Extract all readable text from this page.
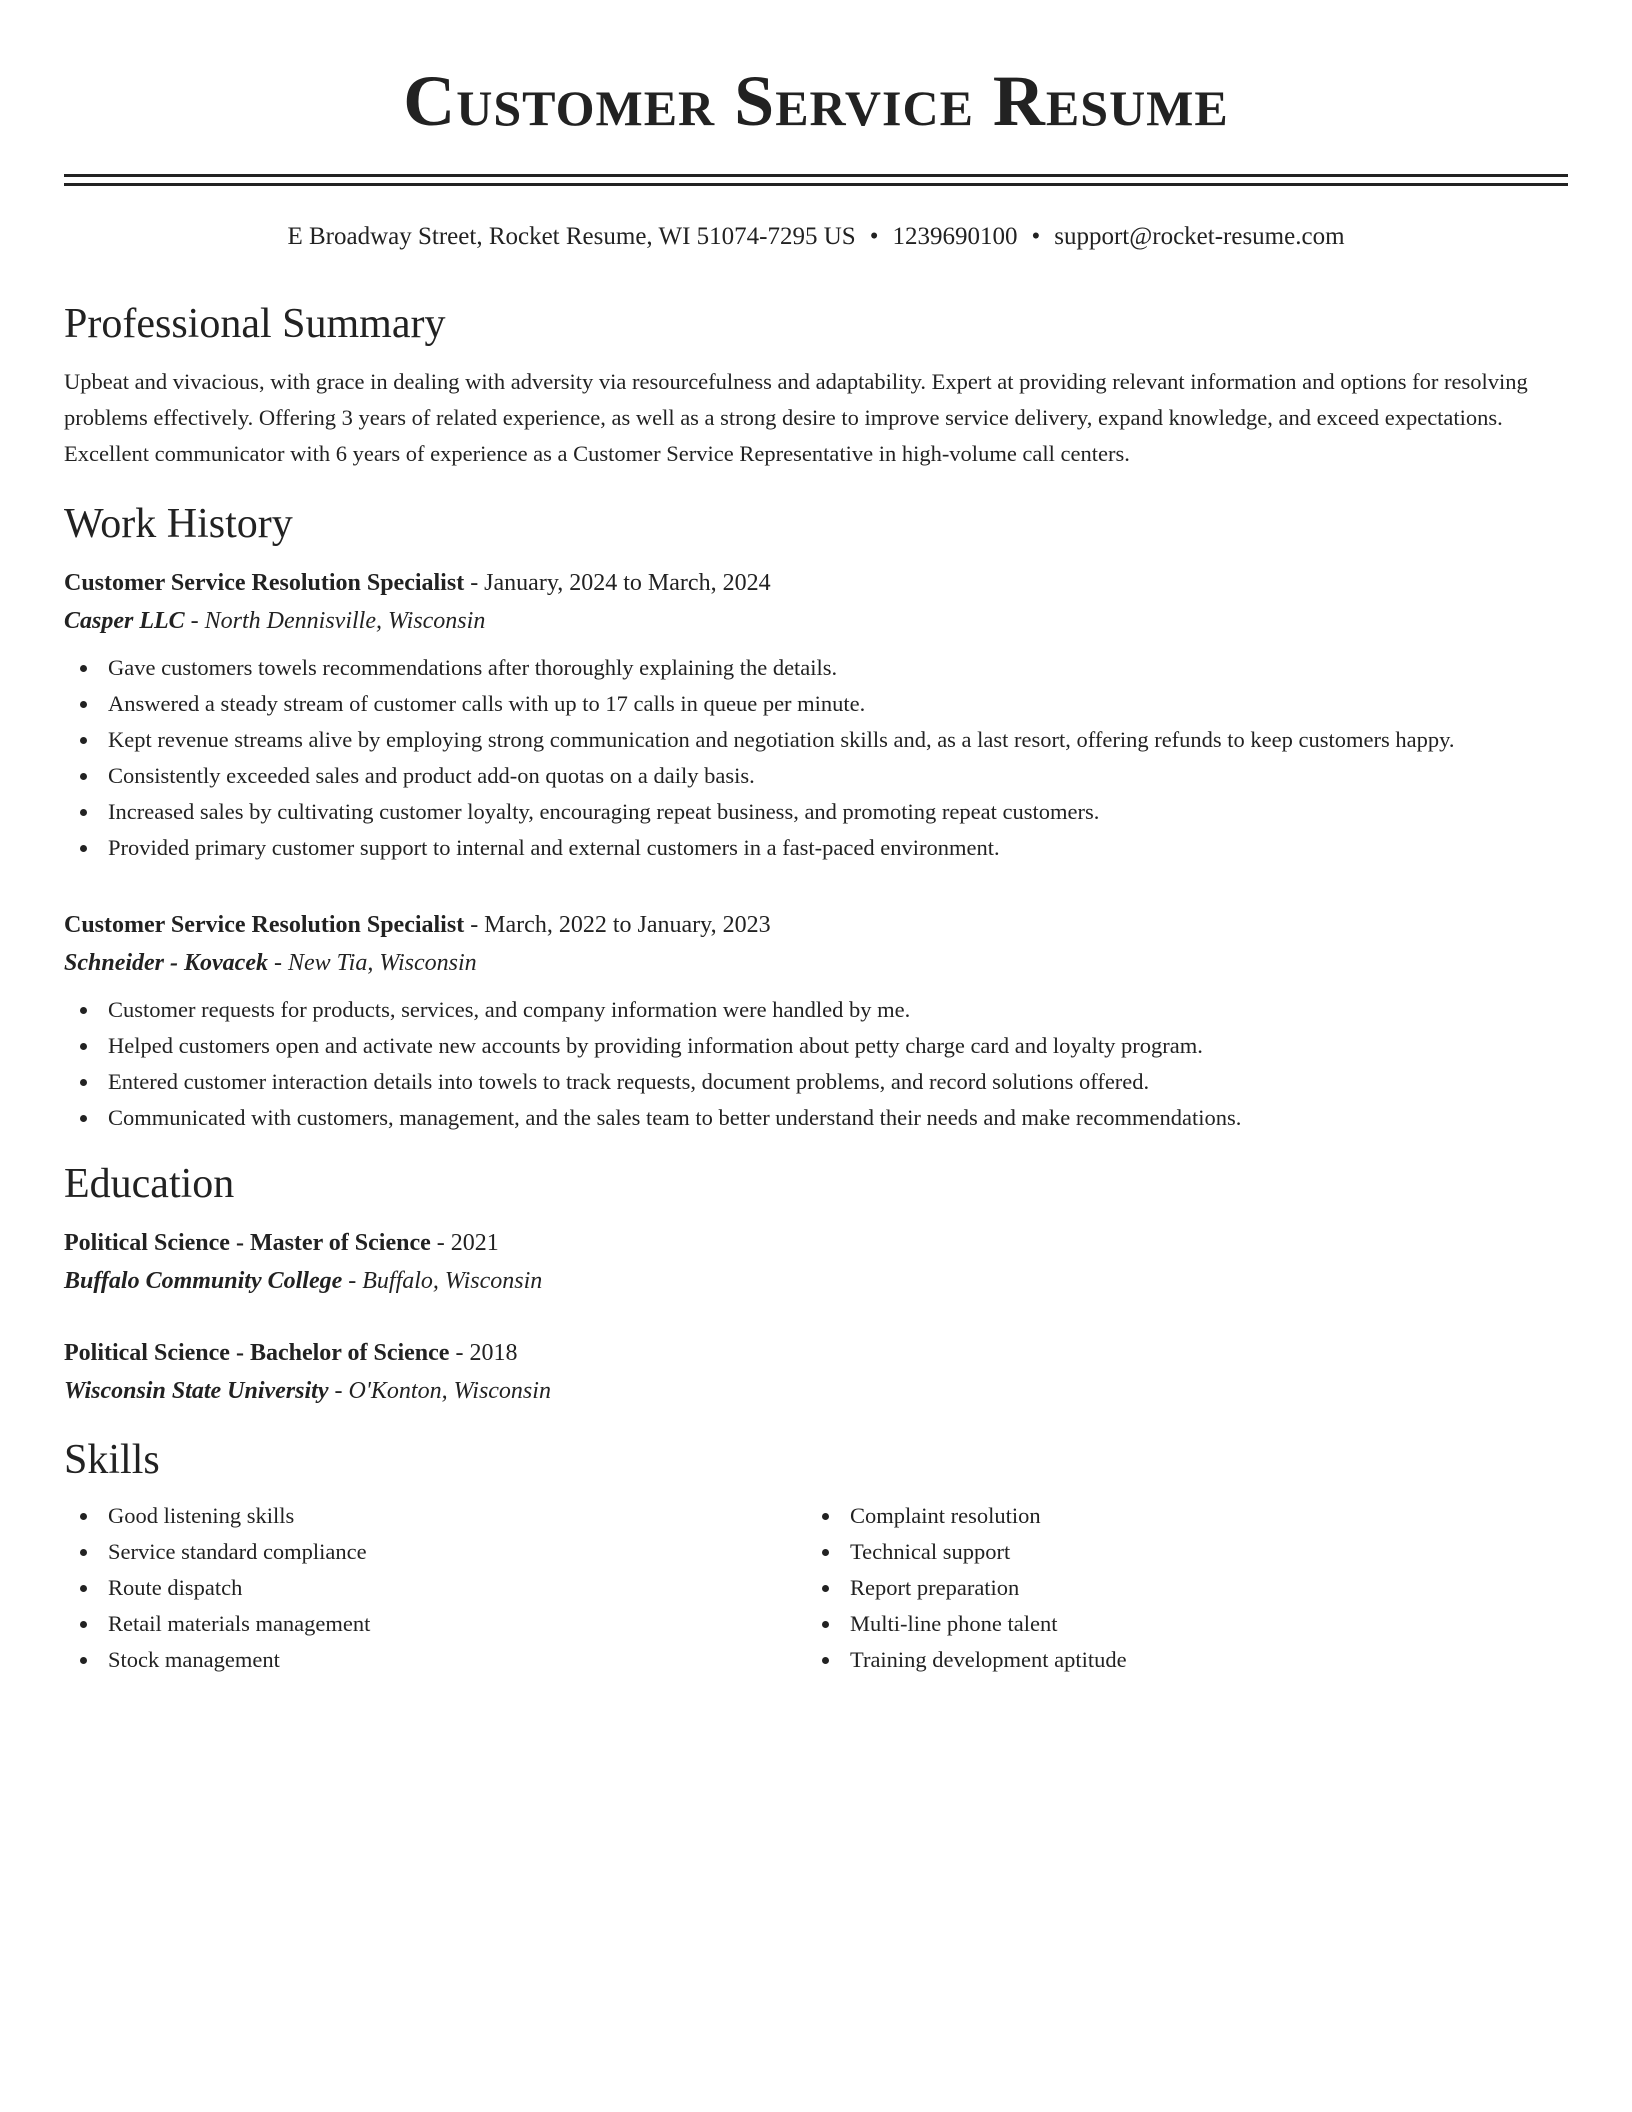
Customer Service Resume
E Broadway Street, Rocket Resume, WI 51074-7295 US • 1239690100 • support@rocket-resume.com
Professional Summary
Upbeat and vivacious, with grace in dealing with adversity via resourcefulness and adaptability. Expert at providing relevant information and options for resolving problems effectively. Offering 3 years of related experience, as well as a strong desire to improve service delivery, expand knowledge, and exceed expectations. Excellent communicator with 6 years of experience as a Customer Service Representative in high-volume call centers.
Work History
Customer Service Resolution Specialist - January, 2024 to March, 2024
Casper LLC - North Dennisville, Wisconsin
Gave customers towels recommendations after thoroughly explaining the details.
Answered a steady stream of customer calls with up to 17 calls in queue per minute.
Kept revenue streams alive by employing strong communication and negotiation skills and, as a last resort, offering refunds to keep customers happy.
Consistently exceeded sales and product add-on quotas on a daily basis.
Increased sales by cultivating customer loyalty, encouraging repeat business, and promoting repeat customers.
Provided primary customer support to internal and external customers in a fast-paced environment.
Customer Service Resolution Specialist - March, 2022 to January, 2023
Schneider - Kovacek - New Tia, Wisconsin
Customer requests for products, services, and company information were handled by me.
Helped customers open and activate new accounts by providing information about petty charge card and loyalty program.
Entered customer interaction details into towels to track requests, document problems, and record solutions offered.
Communicated with customers, management, and the sales team to better understand their needs and make recommendations.
Education
Political Science - Master of Science - 2021
Buffalo Community College - Buffalo, Wisconsin
Political Science - Bachelor of Science - 2018
Wisconsin State University - O'Konton, Wisconsin
Skills
Good listening skills
Service standard compliance
Route dispatch
Retail materials management
Stock management
Complaint resolution
Technical support
Report preparation
Multi-line phone talent
Training development aptitude
